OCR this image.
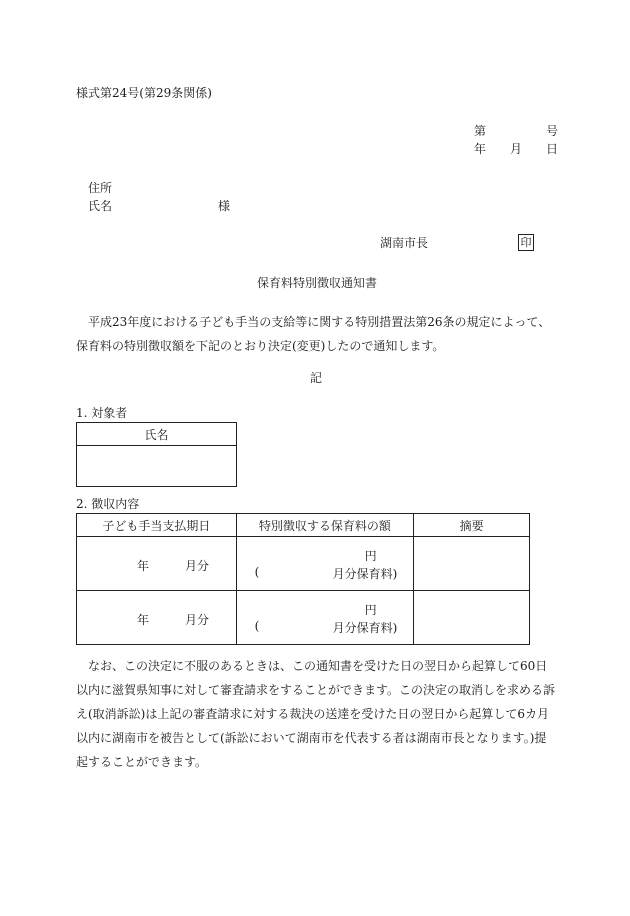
様式第24号(第29条関係)
第	号
年 月 日
住所
氏名	様
湖南市長	印
保育料特別徴収通知書
平成23年度における子ども手当の支給等に関する特別措置法第26条の規定によって、保育料の特別徴収額を下記のとおり決定(変更)したので通知します。
記
1. 対象者
氏名

2. 徴収内容
子ども手当支払期日	特別徴収する保育料の額	摘要

年 月分	円
( 月分保育料)	

年 月分	円
( 月分保育料)	

なお、この決定に不服のあるときは、この通知書を受けた日の翌日から起算して60日以内に滋賀県知事に対して審査請求をすることができます。この決定の取消しを求める訴え(取消訴訟)は上記の審査請求に対する裁決の送達を受けた日の翌日から起算して6カ月以内に湖南市を被告として(訴訟において湖南市を代表する者は湖南市長となります。)提起することができます。
